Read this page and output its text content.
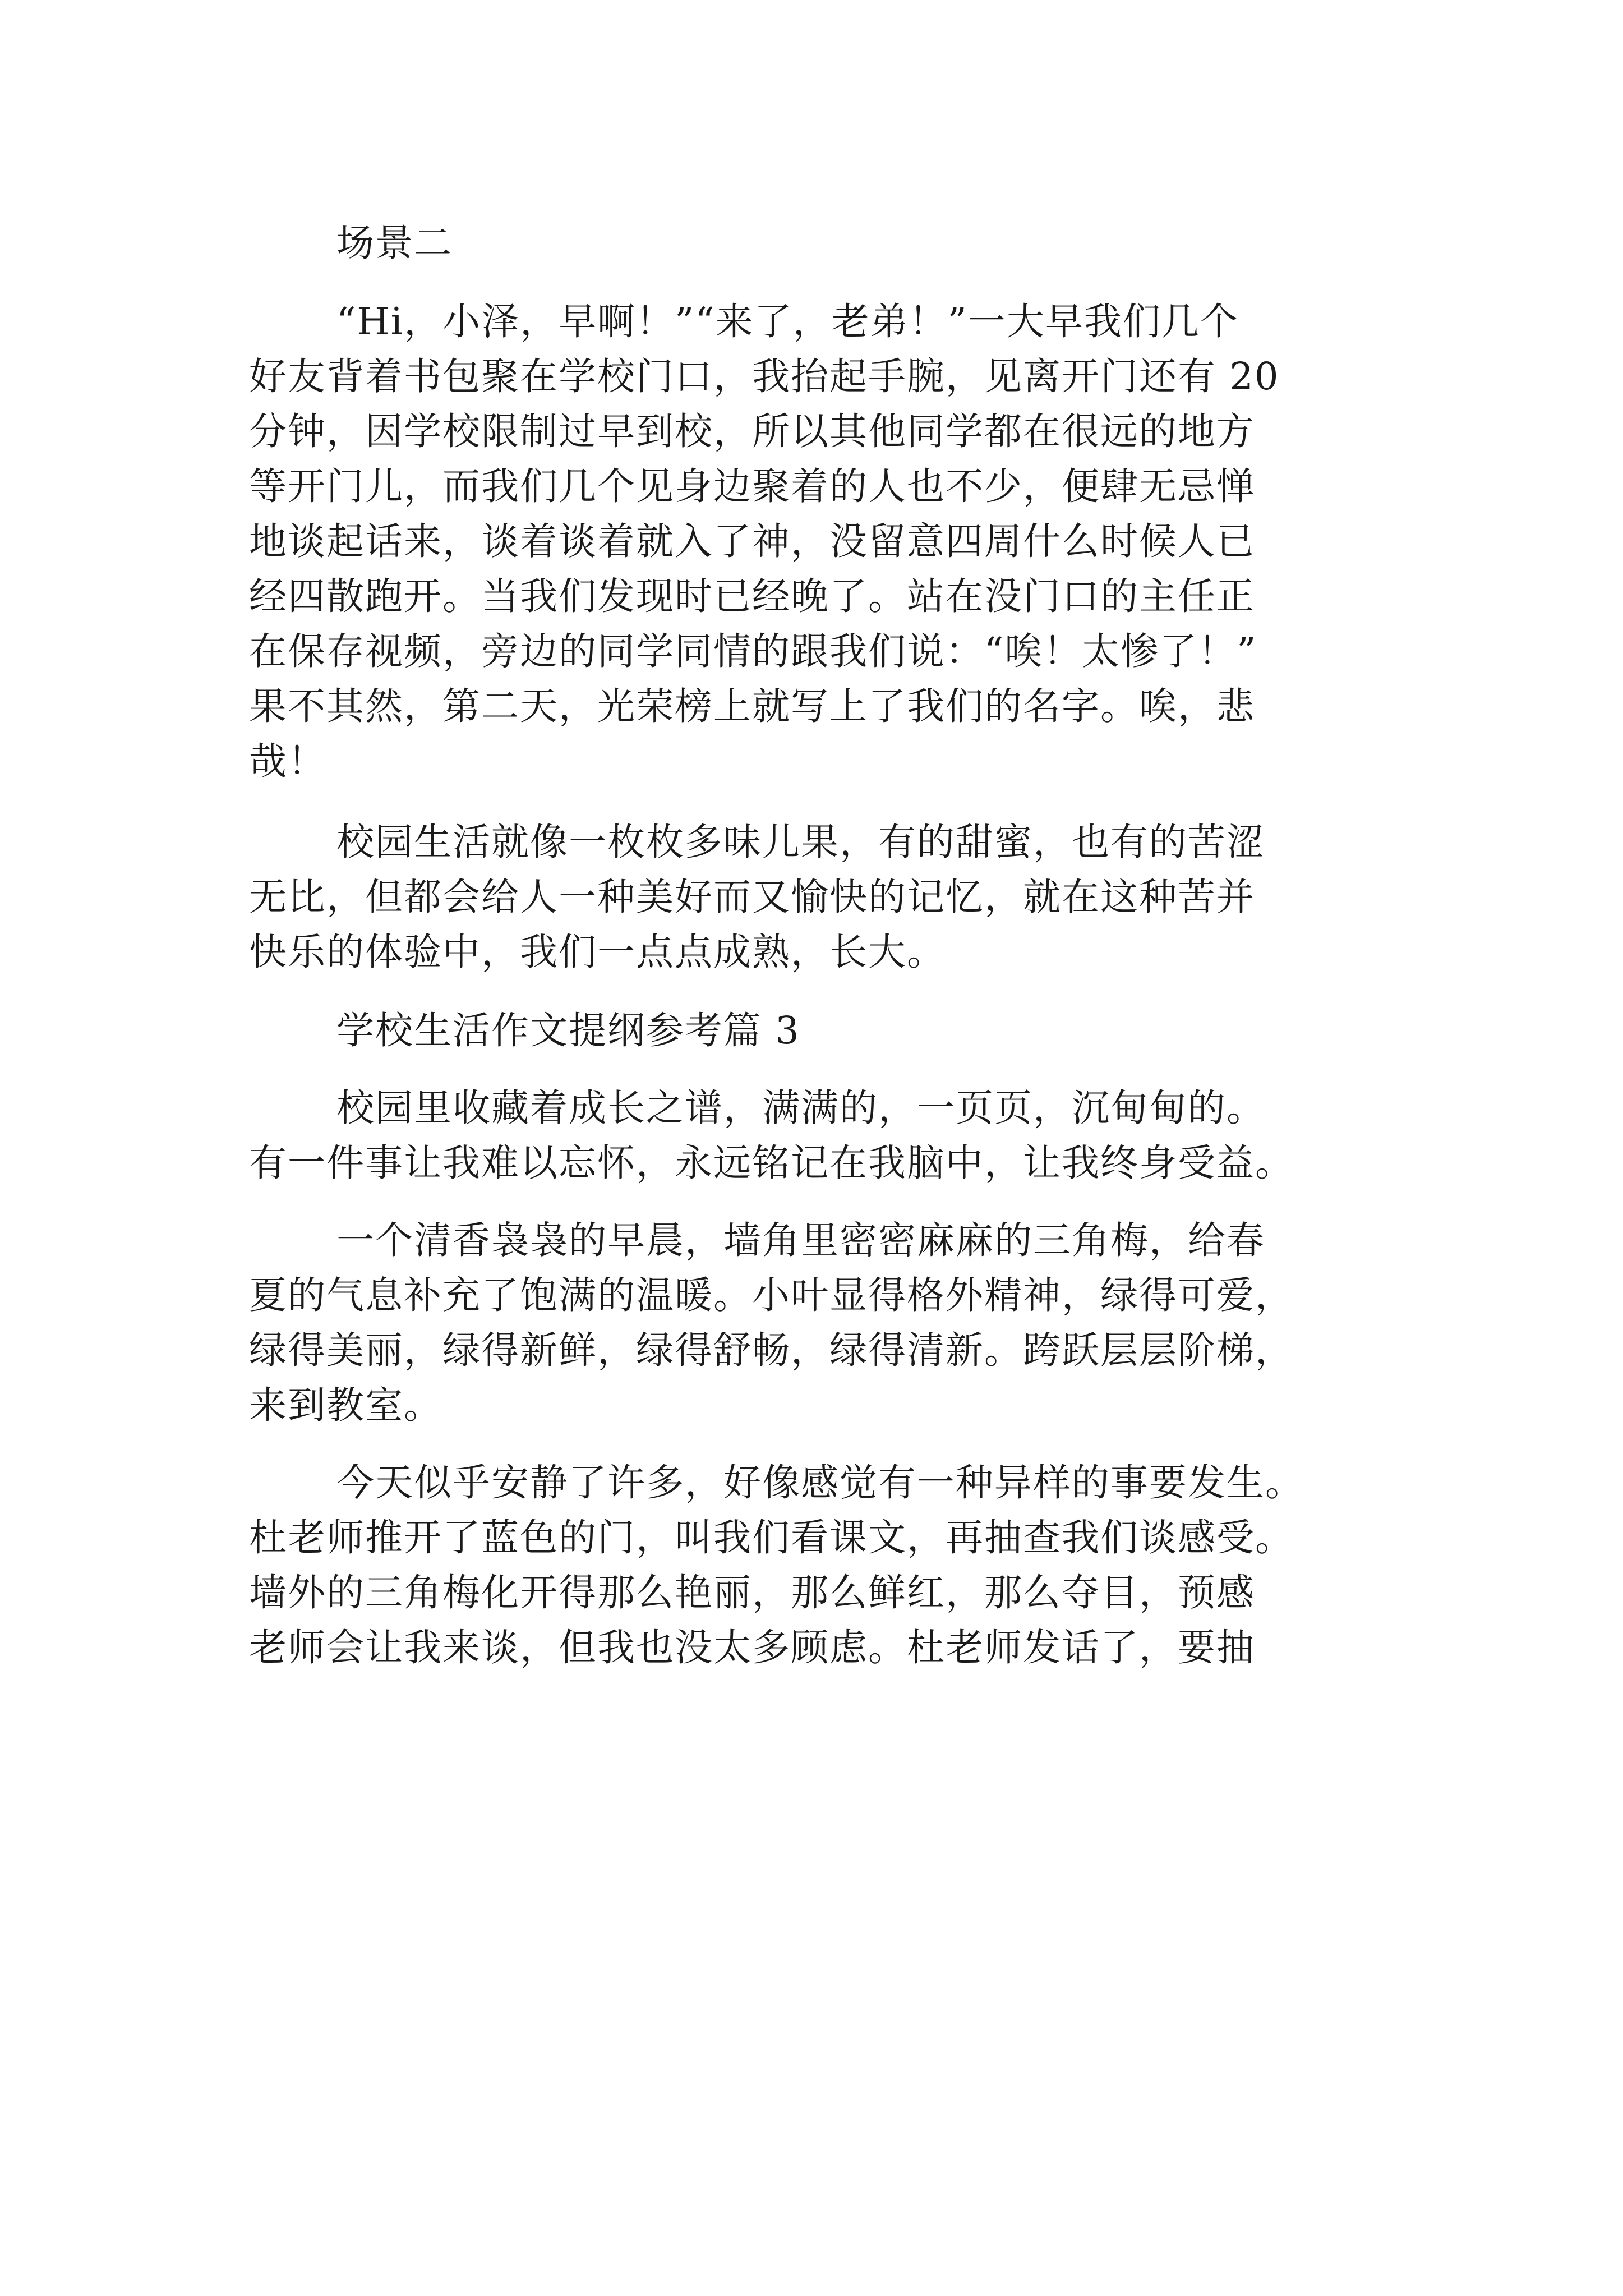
场景二

“Hi，小泽，早啊！”“来了，老弟！”一大早我们几个

好友背着书包聚在学校门口，我抬起手腕，见离开门还有 20

分钟，因学校限制过早到校，所以其他同学都在很远的地方

等开门儿，而我们几个见身边聚着的人也不少，便肆无忌惮

地谈起话来，谈着谈着就入了神，没留意四周什么时候人已

经四散跑开。当我们发现时已经晚了。站在没门口的主任正

在保存视频，旁边的同学同情的跟我们说：“唉！太惨了！”

果不其然，第二天，光荣榜上就写上了我们的名字。唉，悲

哉！

校园生活就像一枚枚多味儿果，有的甜蜜，也有的苦涩

无比，但都会给人一种美好而又愉快的记忆，就在这种苦并

快乐的体验中，我们一点点成熟，长大。

学校生活作文提纲参考篇 3

校园里收藏着成长之谱，满满的，一页页，沉甸甸的。

有一件事让我难以忘怀，永远铭记在我脑中，让我终身受益。

一个清香袅袅的早晨，墙角里密密麻麻的三角梅，给春

夏的气息补充了饱满的温暖。小叶显得格外精神，绿得可爱，

绿得美丽，绿得新鲜，绿得舒畅，绿得清新。跨跃层层阶梯，

来到教室。

今天似乎安静了许多，好像感觉有一种异样的事要发生。

杜老师推开了蓝色的门，叫我们看课文，再抽查我们谈感受。

墙外的三角梅化开得那么艳丽，那么鲜红，那么夺目，预感

老师会让我来谈，但我也没太多顾虑。杜老师发话了，要抽
